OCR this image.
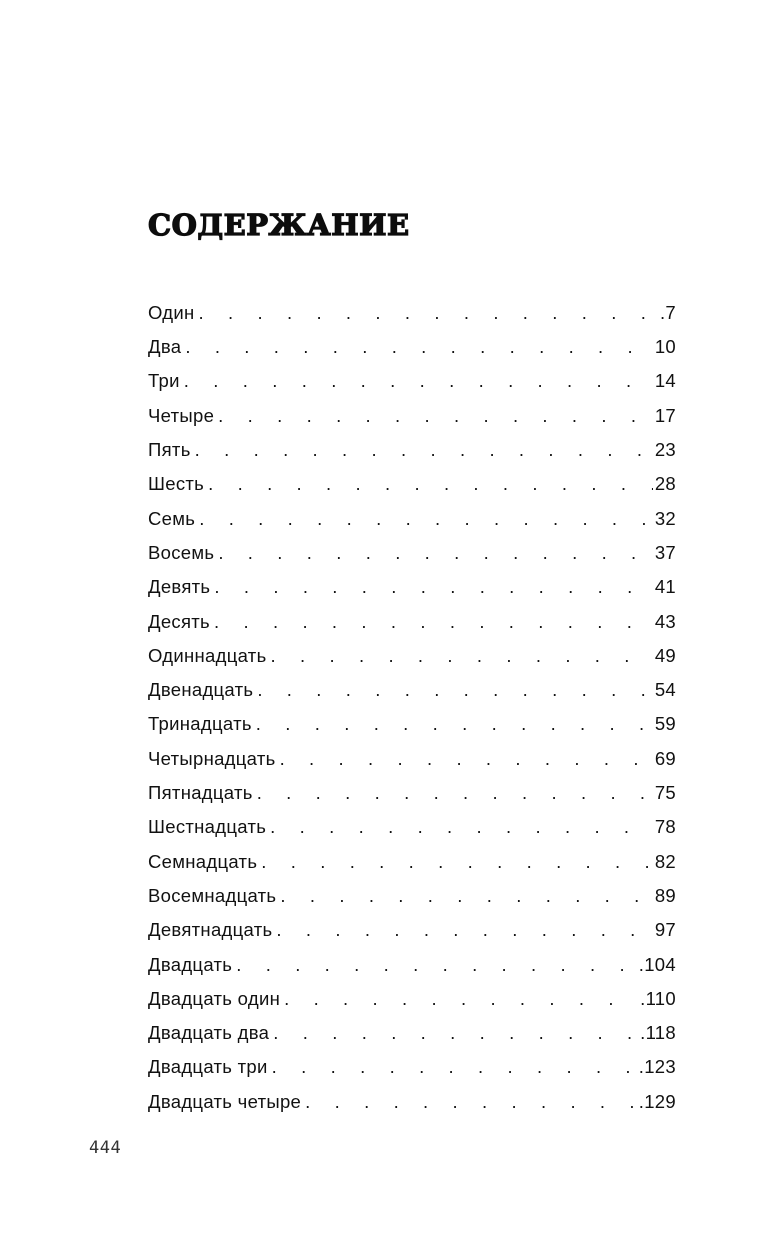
СОДЕРЖАНИЕ
Один . . .	.7
Два . . .	10
Три . . .	14
Четыре . . .	17
Пять . . .	23
Шесть . . .	28
Семь . . .	32
Восемь . . .	37
Девять . . .	41
Десять . . .	43
Одиннадцать . . .	49
Двенадцать . . .	54
Тринадцать . . .	59
Четырнадцать . . .	69
Пятнадцать . . .	75
Шестнадцать . . .	78
Семнадцать . . .	82
Восемнадцать . . .	89
Девятнадцать . . .	97
Двадцать . . .	.104
Двадцать один . . .	.110
Двадцать два . . .	.118
Двадцать три . . .	.123
Двадцать четыре . . .	.129
444
